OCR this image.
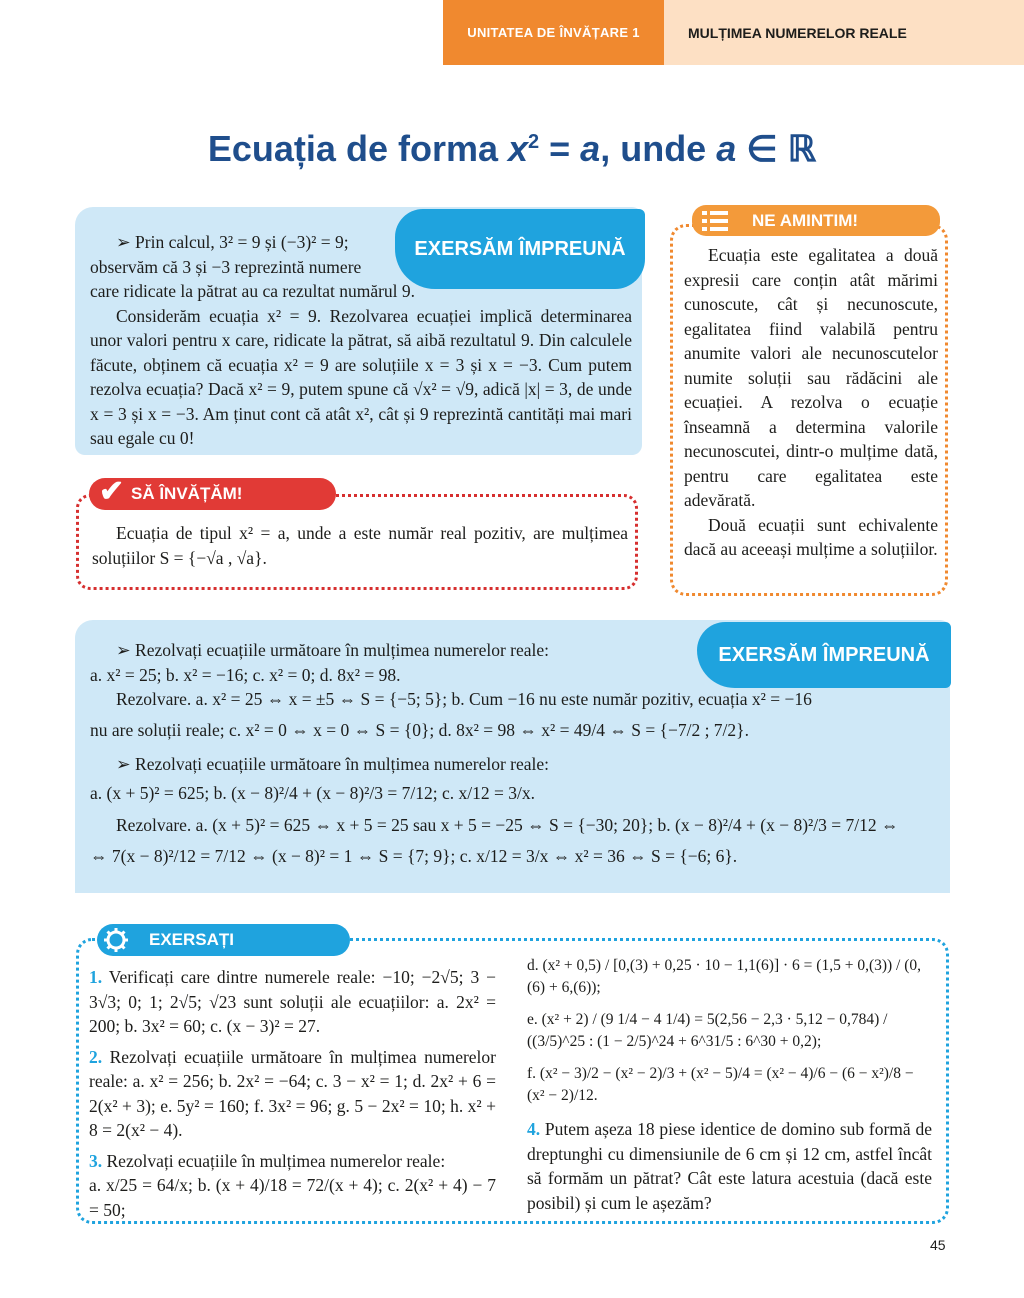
UNITATEA DE ÎNVĂȚARE 1	MULȚIMEA NUMERELOR REALE
Ecuația de forma $x^2 = a$, unde a ∈ ℝ
EXERSĂM ÎMPREUNĂ
➢ Prin calcul, 3² = 9 și (−3)² = 9;
observăm că 3 și −3 reprezintă numere
care ridicate la pătrat au ca rezultat numărul 9.
Considerăm ecuația x² = 9. Rezolvarea ecuației implică determinarea unor valori pentru x care, ridicate la pătrat, să aibă rezultatul 9. Din calculele făcute, obținem că ecuația x² = 9 are soluțiile x = 3 și x = −3. Cum putem rezolva ecuația? Dacă x² = 9, putem spune că √x² = √9, adică |x| = 3, de unde x = 3 și x = −3. Am ținut cont că atât x², cât și 9 reprezintă cantități mai mari sau egale cu 0!
✔ SĂ ÎNVĂȚĂM!
Ecuația de tipul x² = a, unde a este număr real pozitiv, are mulțimea soluțiilor S = {−√a , √a}.
NE AMINTIM!
Ecuația este egalitatea a două expresii care conțin atât mărimi cunoscute, cât și necunoscute, egalitatea fiind valabilă pentru anumite valori ale necunoscutelor numite soluții sau rădăcini ale ecuației. A rezolva o ecuație înseamnă a determina valorile necunoscutei, dintr-o mulțime dată, pentru care egalitatea este adevărată.
Două ecuații sunt echivalente dacă au aceeași mulțime a soluțiilor.
EXERSĂM ÎMPREUNĂ
➢ Rezolvați ecuațiile următoare în mulțimea numerelor reale:
a. x² = 25; b. x² = −16; c. x² = 0; d. 8x² = 98.
Rezolvare. a. x² = 25 ⇔ x = ±5 ⇔ S = {−5; 5}; b. Cum −16 nu este număr pozitiv, ecuația x² = −16
nu are soluții reale; c. x² = 0 ⇔ x = 0 ⇔ S = {0}; d. 8x² = 98 ⇔ x² = 49/4 ⇔ S = {−7/2 ; 7/2}.
➢ Rezolvați ecuațiile următoare în mulțimea numerelor reale:
a. (x + 5)² = 625; b. (x − 8)²/4 + (x − 8)²/3 = 7/12; c. x/12 = 3/x.
Rezolvare. a. (x + 5)² = 625 ⇔ x + 5 = 25 sau x + 5 = −25 ⇔ S = {−30; 20}; b. (x − 8)²/4 + (x − 8)²/3 = 7/12 ⇔
⇔ 7(x − 8)²/12 = 7/12 ⇔ (x − 8)² = 1 ⇔ S = {7; 9}; c. x/12 = 3/x ⇔ x² = 36 ⇔ S = {−6; 6}.
EXERSAȚI
1. Verificați care dintre numerele reale: −10; −2√5; 3 − 3√3; 0; 1; 2√5; √23 sunt soluții ale ecuațiilor: a. 2x² = 200; b. 3x² = 60; c. (x − 3)² = 27.
2. Rezolvați ecuațiile următoare în mulțimea numerelor reale: a. x² = 256; b. 2x² = −64; c. 3 − x² = 1; d. 2x² + 6 = 2(x² + 3); e. 5y² = 160; f. 3x² = 96; g. 5 − 2x² = 10; h. x² + 8 = 2(x² − 4).
3. Rezolvați ecuațiile în mulțimea numerelor reale:
a. x/25 = 64/x; b. (x + 4)/18 = 72/(x + 4); c. 2(x² + 4) − 7 = 50;
d. (x² + 0,5) / [0,(3) + 0,25 · 10 − 1,1(6)] · 6 = (1,5 + 0,(3)) / (0,(6) + 6,(6));
e. (x² + 2) / (9 1/4 − 4 1/4) = 5(2,56 − 2,3 · 5,12 − 0,784) / ((3/5)^25 : (1 − 2/5)^24 + 6^31/5 : 6^30 + 0,2);
f. (x² − 3)/2 − (x² − 2)/3 + (x² − 5)/4 = (x² − 4)/6 − (6 − x²)/8 − (x² − 2)/12.
4. Putem așeza 18 piese identice de domino sub formă de dreptunghi cu dimensiunile de 6 cm și 12 cm, astfel încât să formăm un pătrat? Cât este latura acestuia (dacă este posibil) și cum le așezăm?
45
